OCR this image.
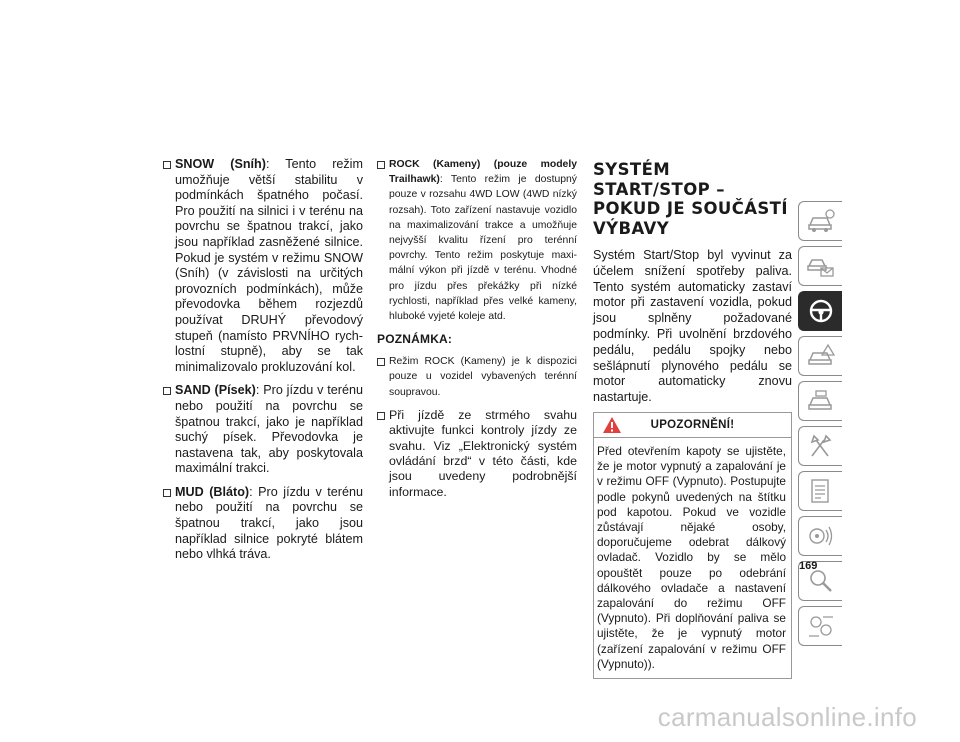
SNOW (Sníh): Tento režim umožňuje větší stabilitu v podmínkách špatného počasí. Pro použití na silnici i v terénu na povrchu se špatnou trakcí, jako jsou například zasněžené silnice. Pokud je systém v režimu SNOW (Sníh) (v závislosti na určitých provozních podmínkách), může převodovka během rozjezdů používat DRUHÝ převodový stupeň (namísto PRVNÍHO rychlostní stupně), aby se tak minimalizovalo prokluzování kol.
SAND (Písek): Pro jízdu v terénu nebo použití na povrchu se špatnou trakcí, jako je například suchý písek. Převodovka je nastavena tak, aby poskytovala maximální trakci.
MUD (Bláto): Pro jízdu v terénu nebo použití na povrchu se špatnou trakcí, jako jsou například silnice pokryté blátem nebo vlhká tráva.
ROCK (Kameny) (pouze modely Trailhawk): Tento režim je dostupný pouze v rozsahu 4WD LOW (4WD nízký rozsah). Toto zařízení nastavuje vozidlo na maximalizování trakce a umožňuje nejvyšší kvalitu řízení pro terénní povrchy. Tento režim poskytuje maximální výkon při jízdě v terénu. Vhodné pro jízdu přes překážky při nízké rychlosti, například přes velké kameny, hluboké vyjeté koleje atd.
POZNÁMKA:
Režim ROCK (Kameny) je k dispozici pouze u vozidel vybavených terénní soupravou.
Při jízdě ze strmého svahu aktivujte funkci kontroly jízdy ze svahu. Viz „Elektronický systém ovládání brzd“ v této části, kde jsou uvedeny podrobnější informace.
SYSTÉM START/STOP – POKUD JE SOUČÁSTÍ VÝBAVY
Systém Start/Stop byl vyvinut za účelem snížení spotřeby paliva. Tento systém automaticky zastaví motor při zastavení vozidla, pokud jsou splněny požadované podmínky. Při uvolnění brzdového pedálu, pedálu spojky nebo sešlápnutí plynového pedálu se motor automaticky znovu nastartuje.
UPOZORNĚNÍ!
Před otevřením kapoty se ujistěte, že je motor vypnutý a zapalování je v režimu OFF (Vypnuto). Postupujte podle pokynů uvedených na štítku pod kapotou. Pokud ve vozidle zůstávají nějaké osoby, doporučujeme odebrat dálkový ovladač. Vozidlo by se mělo opouštět pouze po odebrání dálkového ovladače a nastavení zapalování do režimu OFF (Vypnuto). Při doplňování paliva se ujistěte, že je vypnutý motor (zařízení zapalování v režimu OFF (Vypnuto)).
169
carmanualsonline.info
